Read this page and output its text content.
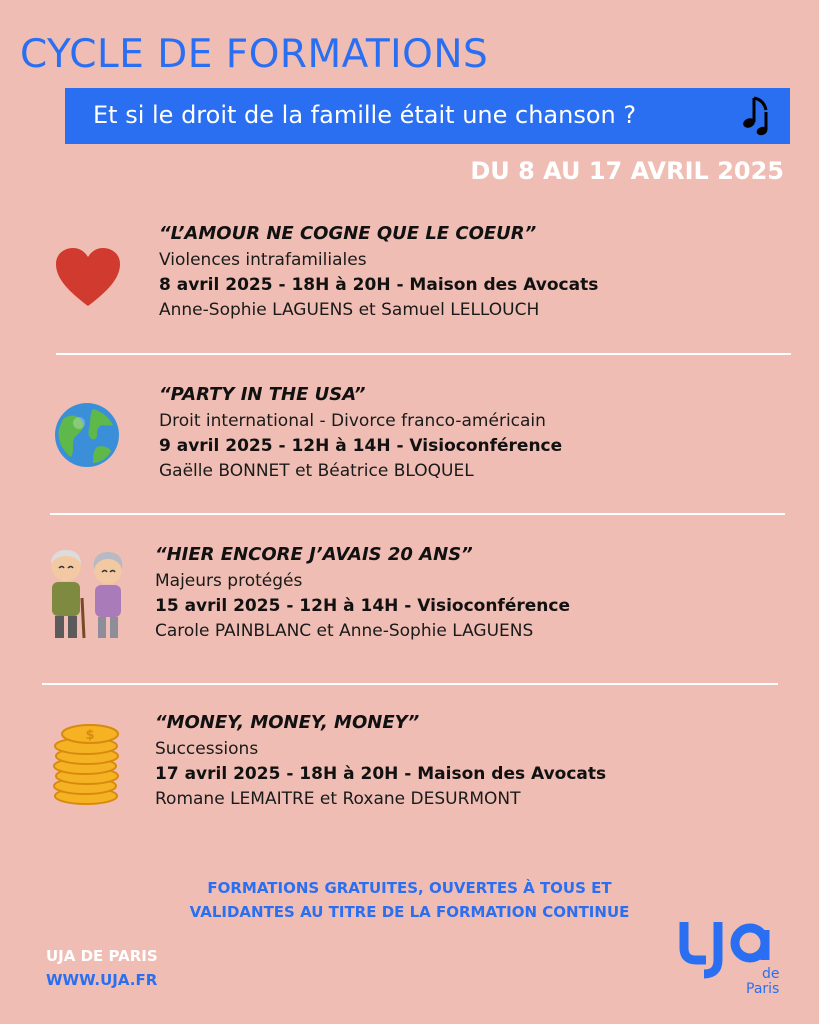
CYCLE DE FORMATIONS
Et si le droit de la famille était une chanson ?
DU 8 AU 17 AVRIL 2025
“L’AMOUR NE COGNE QUE LE COEUR”
Violences intrafamiliales
8 avril 2025 - 18H à 20H - Maison des Avocats
Anne-Sophie LAGUENS et Samuel LELLOUCH
“PARTY IN THE USA”
Droit international - Divorce franco-américain
9 avril 2025 - 12H à 14H - Visioconférence
Gaëlle BONNET et Béatrice BLOQUEL
“HIER ENCORE J’AVAIS 20 ANS”
Majeurs protégés
15 avril 2025 - 12H à 14H - Visioconférence
Carole PAINBLANC et Anne-Sophie LAGUENS
$
“MONEY, MONEY, MONEY”
Successions
17 avril 2025 - 18H à 20H - Maison des Avocats
Romane LEMAITRE et Roxane DESURMONT
FORMATIONS GRATUITES, OUVERTES À TOUS ET
VALIDANTES AU TITRE DE LA FORMATION CONTINUE
UJA DE PARIS
WWW.UJA.FR	de
Paris
